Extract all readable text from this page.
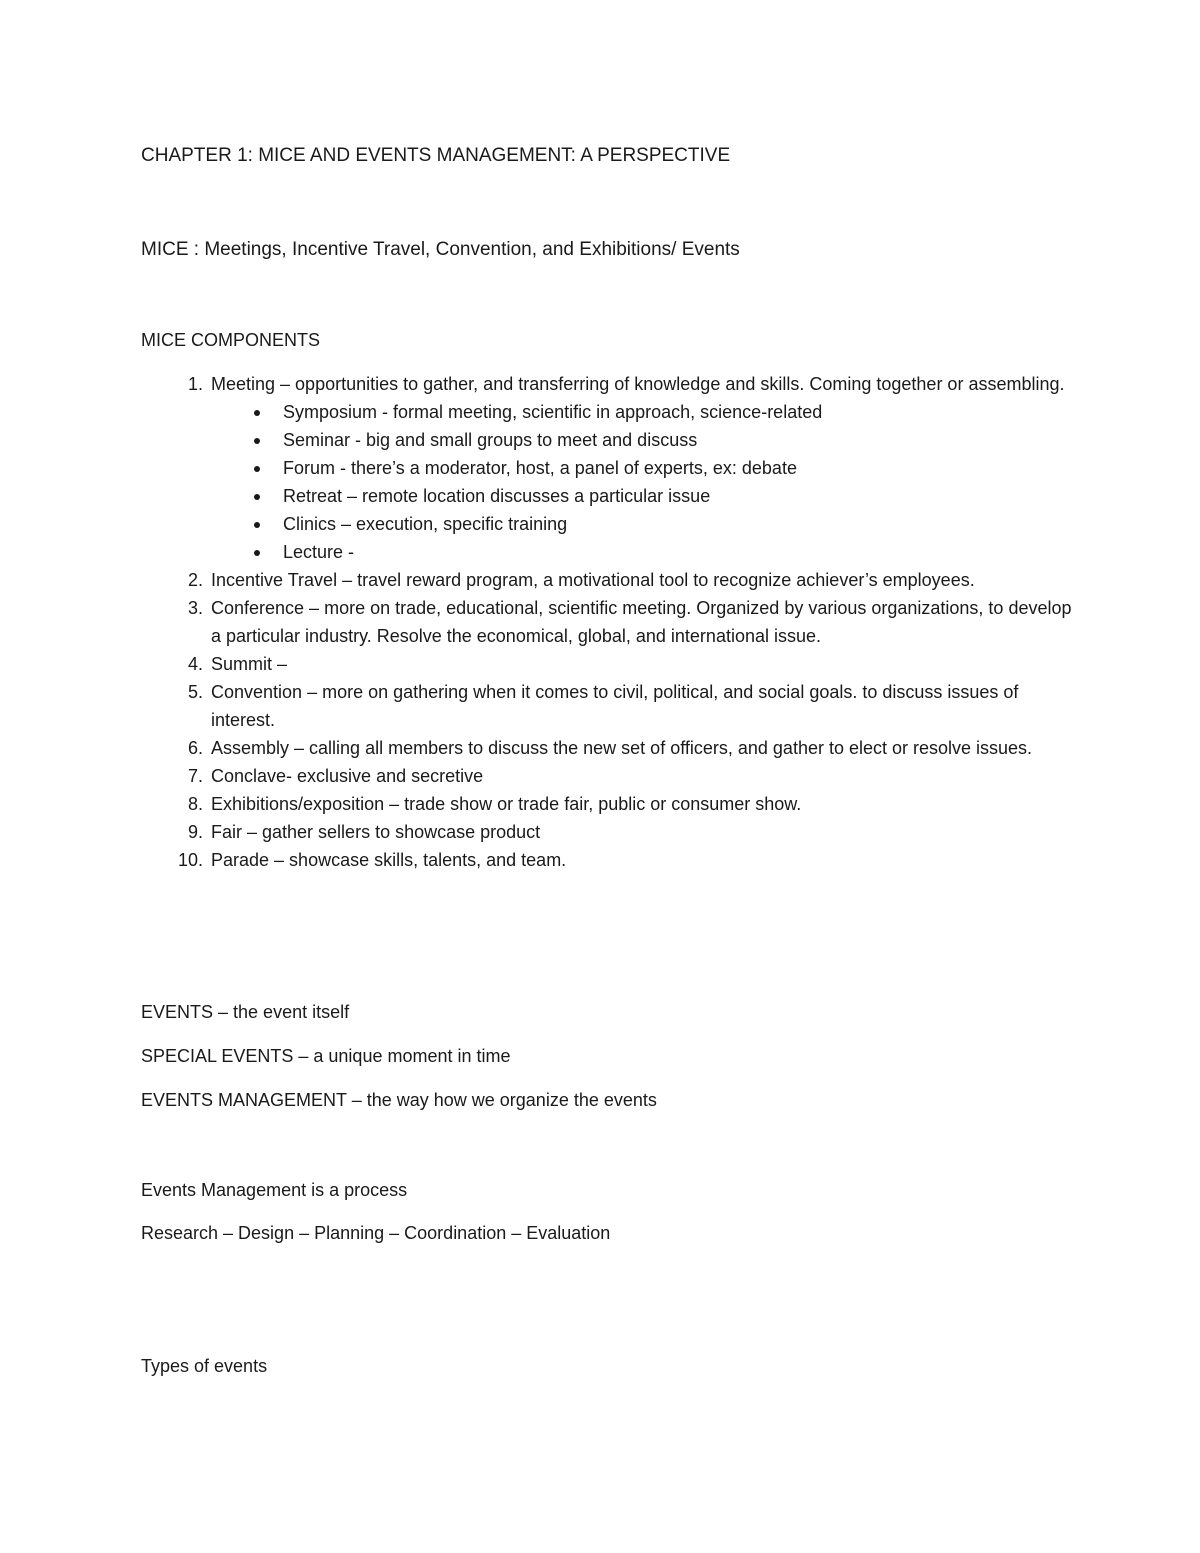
CHAPTER 1: MICE AND EVENTS MANAGEMENT: A PERSPECTIVE
MICE : Meetings, Incentive Travel, Convention, and Exhibitions/ Events
MICE COMPONENTS
1. Meeting – opportunities to gather, and transferring of knowledge and skills. Coming together or assembling.
Symposium - formal meeting, scientific in approach, science-related
Seminar - big and small groups to meet and discuss
Forum - there’s a moderator, host, a panel of experts, ex: debate
Retreat – remote location discusses a particular issue
Clinics – execution, specific training
Lecture -
2. Incentive Travel – travel reward program, a motivational tool to recognize achiever’s employees.
3. Conference – more on trade, educational, scientific meeting. Organized by various organizations, to develop a particular industry. Resolve the economical, global, and international issue.
4. Summit –
5. Convention – more on gathering when it comes to civil, political, and social goals. to discuss issues of interest.
6. Assembly – calling all members to discuss the new set of officers, and gather to elect or resolve issues.
7. Conclave- exclusive and secretive
8. Exhibitions/exposition – trade show or trade fair, public or consumer show.
9. Fair – gather sellers to showcase product
10. Parade – showcase skills, talents, and team.
EVENTS – the event itself
SPECIAL EVENTS – a unique moment in time
EVENTS MANAGEMENT – the way how we organize the events
Events Management is a process
Research – Design – Planning – Coordination – Evaluation
Types of events
